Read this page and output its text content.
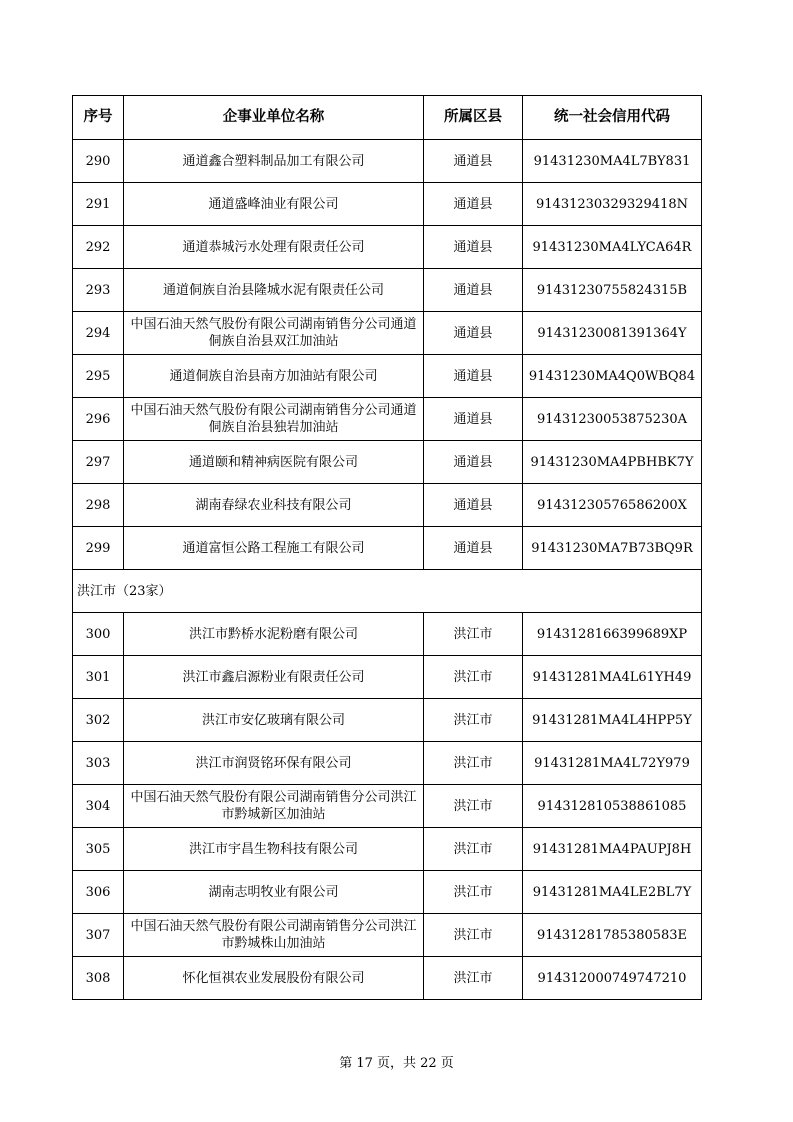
序号	企事业单位名称	所属区县	统一社会信用代码
290	通道鑫合塑料制品加工有限公司	通道县	91431230MA4L7BY831
291	通道盛峰油业有限公司	通道县	91431230329329418N
292	通道恭城污水处理有限责任公司	通道县	91431230MA4LYCA64R
293	通道侗族自治县隆城水泥有限责任公司	通道县	91431230755824315B
294	中国石油天然气股份有限公司湖南销售分公司通道侗族自治县双江加油站	通道县	91431230081391364Y
295	通道侗族自治县南方加油站有限公司	通道县	91431230MA4Q0WBQ84
296	中国石油天然气股份有限公司湖南销售分公司通道侗族自治县独岩加油站	通道县	91431230053875230A
297	通道颐和精神病医院有限公司	通道县	91431230MA4PBHBK7Y
298	湖南春绿农业科技有限公司	通道县	91431230576586200X
299	通道富恒公路工程施工有限公司	通道县	91431230MA7B73BQ9R
洪江市（23家）			
300	洪江市黔桥水泥粉磨有限公司	洪江市	9143128166399689XP
301	洪江市鑫启源粉业有限责任公司	洪江市	91431281MA4L61YH49
302	洪江市安亿玻璃有限公司	洪江市	91431281MA4L4HPP5Y
303	洪江市润贤铭环保有限公司	洪江市	91431281MA4L72Y979
304	中国石油天然气股份有限公司湖南销售分公司洪江市黔城新区加油站	洪江市	914312810538861085
305	洪江市宇昌生物科技有限公司	洪江市	91431281MA4PAUPJ8H
306	湖南志明牧业有限公司	洪江市	91431281MA4LE2BL7Y
307	中国石油天然气股份有限公司湖南销售分公司洪江市黔城株山加油站	洪江市	91431281785380583E
308	怀化恒祺农业发展股份有限公司	洪江市	914312000749747210
第 17 页，共 22 页
